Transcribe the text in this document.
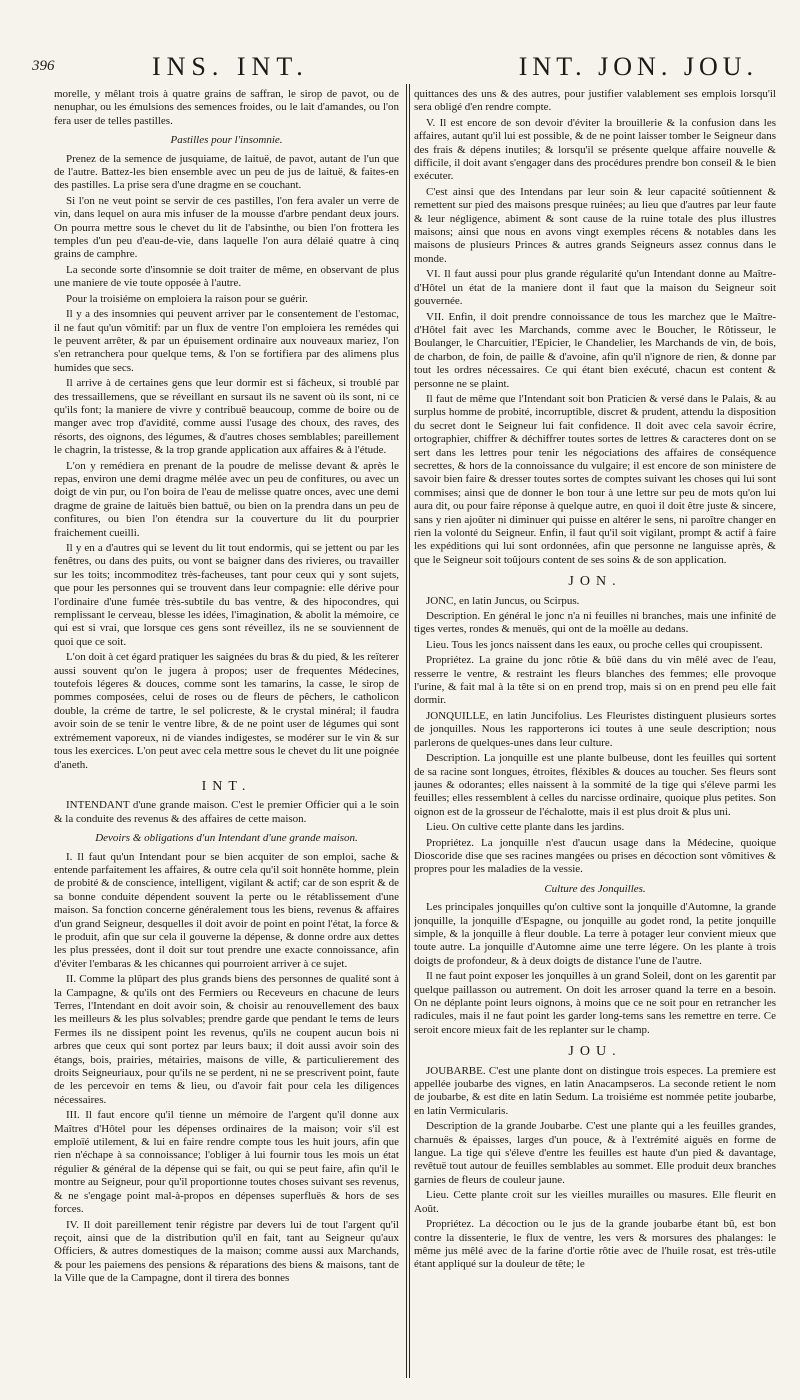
396	INS. INT.	INT. JON. JOU.

morelle, y mêlant trois à quatre grains de saffran, le sirop de pavot, ou de nenuphar, ou les émulsions des semences froides, ou le lait d'amandes, ou l'on fera user de telles pastilles.

Pastilles pour l'insomnie.

Prenez de la semence de jusquiame, de laituë, de pavot, autant de l'un que de l'autre. Battez-les bien ensemble avec un peu de jus de laituë, & faites-en des pastilles. La prise sera d'une dragme en se couchant.

Si l'on ne veut point se servir de ces pastilles, l'on fera avaler un verre de vin, dans lequel on aura mis infuser de la mousse d'arbre pendant deux jours. On pourra mettre sous le chevet du lit de l'absinthe, ou bien l'on frottera les temples d'un peu d'eau-de-vie, dans laquelle l'on aura délaié quatre à cinq grains de camphre.

La seconde sorte d'insomnie se doit traiter de même, en observant de plus une maniere de vie toute opposée à l'autre.

Pour la troisiéme on emploiera la raison pour se guérir.

Il y a des insomnies qui peuvent arriver par le consentement de l'estomac, il ne faut qu'un vômitif: par un flux de ventre l'on emploiera les remédes qui le peuvent arrêter, & par un épuisement ordinaire aux nouveaux mariez, l'on s'en retranchera pour quelque tems, & l'on se fortifiera par des alimens plus humides que secs.

Il arrive à de certaines gens que leur dormir est si fâcheux, si troublé par des tressaillemens, que se réveillant en sursaut ils ne savent où ils sont, ni ce qu'ils font; la maniere de vivre y contribuë beaucoup, comme de boire ou de manger avec trop d'avidité, comme aussi l'usage des choux, des raves, des résorts, des oignons, des légumes, & d'autres choses semblables; pareillement le chagrin, la tristesse, & la trop grande application aux affaires & à l'étude.

L'on y remédiera en prenant de la poudre de melisse devant & après le repas, environ une demi dragme mélée avec un peu de confitures, ou avec un doigt de vin pur, ou l'on boira de l'eau de melisse quatre onces, avec une demi dragme de graine de laituës bien battuë, ou bien on la prendra dans un peu de confitures, ou bien l'on étendra sur la couverture du lit du pourprier fraichement cueilli.

Il y en a d'autres qui se levent du lit tout endormis, qui se jettent ou par les fenêtres, ou dans des puits, ou vont se baigner dans des rivieres, ou travailler sur les toits; incommoditez très-facheuses, tant pour ceux qui y sont sujets, que pour les personnes qui se trouvent dans leur compagnie: elle dérive pour l'ordinaire d'une fumée très-subtile du bas ventre, & des hipocondres, qui remplissant le cerveau, blesse les idées, l'imagination, & abolit la mémoire, ce qui est si vrai, que lorsque ces gens sont réveillez, ils ne se souviennent de quoi que ce soit.

L'on doit à cet égard pratiquer les saignées du bras & du pied, & les reïterer aussi souvent qu'on le jugera à propos; user de frequentes Médecines, toutefois légeres & douces, comme sont les tamarins, la casse, le sirop de pommes composées, celui de roses ou de fleurs de pêchers, le catholicon double, la créme de tartre, le sel policreste, & le crystal minéral; il faudra avoir soin de se tenir le ventre libre, & de ne point user de légumes qui sont extrémement vaporeux, ni de viandes indigestes, se modérer sur le vin & sur tous les exercices. L'on peut avec cela mettre sous le chevet du lit une poignée d'aneth.

INT.

INTENDANT d'une grande maison. C'est le premier Officier qui a le soin & la conduite des revenus & des affaires de cette maison.

Devoirs & obligations d'un Intendant d'une grande maison.

I. Il faut qu'un Intendant pour se bien acquiter de son emploi, sache & entende parfaitement les affaires, & outre cela qu'il soit honnête homme, plein de probité & de conscience, intelligent, vigilant & actif; car de son esprit & de sa bonne conduite dépendent souvent la perte ou le rétablissement d'une maison. Sa fonction concerne généralement tous les biens, revenus & affaires d'un grand Seigneur, desquelles il doit avoir de point en point l'état, la force & le produit, afin que sur cela il gouverne la dépense, & donne ordre aux dettes les plus pressées, dont il doit sur tout prendre une exacte connoissance, afin d'éviter l'embaras & les chicannes qui pourroient arriver à ce sujet.

II. Comme la plûpart des plus grands biens des personnes de qualité sont à la Campagne, & qu'ils ont des Fermiers ou Receveurs en chacune de leurs Terres, l'Intendant en doit avoir soin, & choisir au renouvellement des baux les meilleurs & les plus solvables; prendre garde que pendant le tems de leurs Fermes ils ne dissipent point les revenus, qu'ils ne coupent aucun bois ni arbres que ceux qui sont portez par leurs baux; il doit aussi avoir soin des étangs, bois, prairies, métairies, maisons de ville, & particulierement des droits Seigneuriaux, pour qu'ils ne se perdent, ni ne se prescrivent point, faute de les percevoir en tems & lieu, ou d'avoir fait pour cela les diligences nécessaires.

III. Il faut encore qu'il tienne un mémoire de l'argent qu'il donne aux Maîtres d'Hôtel pour les dépenses ordinaires de la maison; voir s'il est emploïé utilement, & lui en faire rendre compte tous les huit jours, afin que rien n'échape à sa connoissance; l'obliger à lui fournir tous les mois un état régulier & général de la dépense qui se fait, ou qui se peut faire, afin qu'il le montre au Seigneur, pour qu'il proportionne toutes choses suivant ses revenus, & ne s'engage point mal-à-propos en dépenses superfluës & hors de ses forces.

IV. Il doit pareillement tenir régistre par devers lui de tout l'argent qu'il reçoit, ainsi que de la distribution qu'il en fait, tant au Seigneur qu'aux Officiers, & autres domestiques de la maison; comme aussi aux Marchands, & pour les paiemens des pensions & réparations des biens & maisons, tant de la Ville que de la Campagne, dont il tirera des bonnes

quittances des uns & des autres, pour justifier valablement ses emplois lorsqu'il sera obligé d'en rendre compte.

V. Il est encore de son devoir d'éviter la brouillerie & la confusion dans les affaires, autant qu'il lui est possible, & de ne point laisser tomber le Seigneur dans des frais & dépens inutiles; & lorsqu'il se présente quelque affaire nouvelle & difficile, il doit avant s'engager dans des procédures prendre bon conseil & le bien exécuter.

C'est ainsi que des Intendans par leur soin & leur capacité soûtiennent & remettent sur pied des maisons presque ruinées; au lieu que d'autres par leur faute & leur négligence, abiment & sont cause de la ruine totale des plus illustres maisons; ainsi que nous en avons vingt exemples récens & notables dans les maisons de plusieurs Princes & autres grands Seigneurs assez connus dans le monde.

VI. Il faut aussi pour plus grande régularité qu'un Intendant donne au Maître-d'Hôtel un état de la maniere dont il faut que la maison du Seigneur soit gouvernée.

VII. Enfin, il doit prendre connoissance de tous les marchez que le Maître-d'Hôtel fait avec les Marchands, comme avec le Boucher, le Rôtisseur, le Boulanger, le Charcuitier, l'Epicier, le Chandelier, les Marchands de vin, de bois, de charbon, de foin, de paille & d'avoine, afin qu'il n'ignore de rien, & donne par tout les ordres nécessaires. Ce qui étant bien exécuté, chacun est content & personne ne se plaint.

Il faut de même que l'Intendant soit bon Praticien & versé dans le Palais, & au surplus homme de probité, incorruptible, discret & prudent, attendu la disposition du secret dont le Seigneur lui fait confidence. Il doit avec cela savoir écrire, ortographier, chiffrer & déchiffrer toutes sortes de lettres & caracteres dont on se sert dans les lettres pour tenir les négociations des affaires de conséquence secrettes, & hors de la connoissance du vulgaire; il est encore de son ministere de savoir bien faire & dresser toutes sortes de comptes suivant les choses qui lui sont commises; ainsi que de donner le bon tour à une lettre sur peu de mots qu'on lui aura dit, ou pour faire réponse à quelque autre, en quoi il doit être juste & sincere, sans y rien ajoûter ni diminuer qui puisse en altérer le sens, ni paroître changer en rien la volonté du Seigneur. Enfin, il faut qu'il soit vigilant, prompt & actif à faire les expéditions qui lui sont ordonnées, afin que personne ne languisse après, & que le Seigneur soit toûjours content de ses soins & de son application.

JON.

JONC, en latin Juncus, ou Scirpus.

Description. En général le jonc n'a ni feuilles ni branches, mais une infinité de tiges vertes, rondes & menuës, qui ont de la moëlle au dedans.

Lieu. Tous les joncs naissent dans les eaux, ou proche celles qui croupissent.

Propriétez. La graine du jonc rôtie & bûë dans du vin mêlé avec de l'eau, resserre le ventre, & restraint les fleurs blanches des femmes; elle provoque l'urine, & fait mal à la tête si on en prend trop, mais si on en prend peu elle fait dormir.

JONQUILLE, en latin Juncifolius. Les Fleuristes distinguent plusieurs sortes de jonquilles. Nous les rapporterons ici toutes à une seule description; nous parlerons de quelques-unes dans leur culture.

Description. La jonquille est une plante bulbeuse, dont les feuilles qui sortent de sa racine sont longues, étroites, fléxibles & douces au toucher. Ses fleurs sont jaunes & odorantes; elles naissent à la sommité de la tige qui s'éleve parmi les feuilles; elles ressemblent à celles du narcisse ordinaire, quoique plus petites. Son oignon est de la grosseur de l'échalotte, mais il est plus droit & plus uni.

Lieu. On cultive cette plante dans les jardins.

Propriétez. La jonquille n'est d'aucun usage dans la Médecine, quoique Dioscoride dise que ses racines mangées ou prises en décoction sont vômitives & propres pour les maladies de la vessie.

Culture des Jonquilles.

Les principales jonquilles qu'on cultive sont la jonquille d'Automne, la grande jonquille, la jonquille d'Espagne, ou jonquille au godet rond, la petite jonquille simple, & la jonquille à fleur double. La terre à potager leur convient mieux que toute autre. La jonquille d'Automne aime une terre légere. On les plante à trois doigts de profondeur, & à deux doigts de distance l'une de l'autre.

Il ne faut point exposer les jonquilles à un grand Soleil, dont on les garentit par quelque paillasson ou autrement. On doit les arroser quand la terre en a besoin. On ne déplante point leurs oignons, à moins que ce ne soit pour en retrancher les radicules, mais il ne faut point les garder long-tems sans les remettre en terre. Ce seroit encore mieux fait de les replanter sur le champ.

JOU.

JOUBARBE. C'est une plante dont on distingue trois especes. La premiere est appellée joubarbe des vignes, en latin Anacampseros. La seconde retient le nom de joubarbe, & est dite en latin Sedum. La troisiéme est nommée petite joubarbe, en latin Vermicularis.

Description de la grande Joubarbe. C'est une plante qui a les feuilles grandes, charnuës & épaisses, larges d'un pouce, & à l'extrémité aiguës en forme de langue. La tige qui s'éleve d'entre les feuilles est haute d'un pied & davantage, revêtuë tout autour de feuilles semblables au sommet. Elle produit deux branches garnies de fleurs de couleur jaune.

Lieu. Cette plante croit sur les vieilles murailles ou masures. Elle fleurit en Août.

Propriétez. La décoction ou le jus de la grande joubarbe étant bû, est bon contre la dissenterie, le flux de ventre, les vers & morsures des phalanges: le même jus mêlé avec de la farine d'ortie rôtie avec de l'huile rosat, est très-utile étant appliqué sur la douleur de tête; le
